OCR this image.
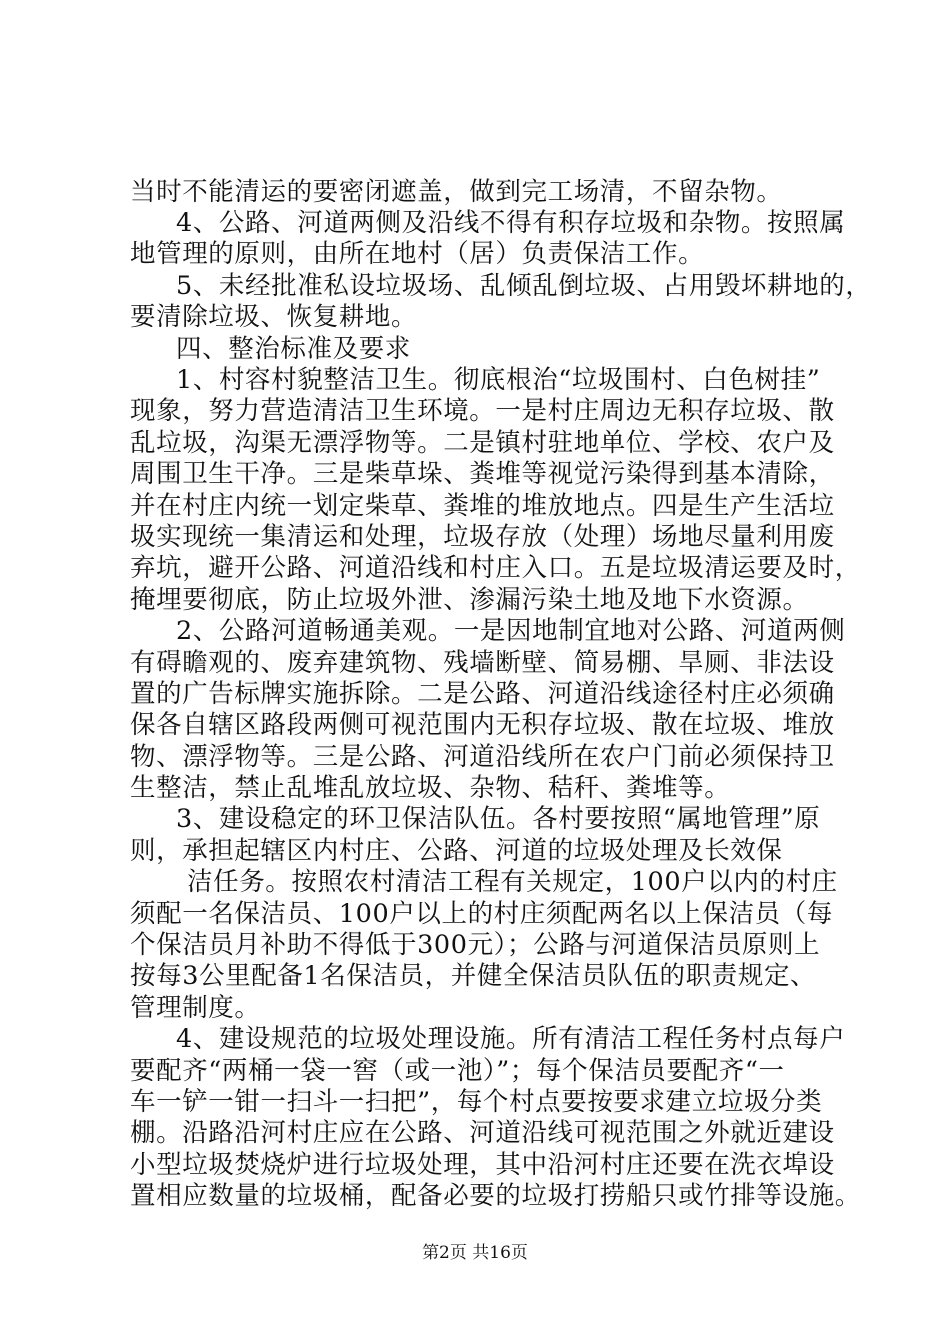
当时不能清运的要密闭遮盖，做到完工场清，不留杂物。
4、公路、河道两侧及沿线不得有积存垃圾和杂物。按照属
地管理的原则，由所在地村（居）负责保洁工作。
5、未经批准私设垃圾场、乱倾乱倒垃圾、占用毁坏耕地的，
要清除垃圾、恢复耕地。
四、整治标准及要求
1、村容村貌整洁卫生。彻底根治“垃圾围村、白色树挂”
现象，努力营造清洁卫生环境。一是村庄周边无积存垃圾、散
乱垃圾，沟渠无漂浮物等。二是镇村驻地单位、学校、农户及
周围卫生干净。三是柴草垛、粪堆等视觉污染得到基本清除，
并在村庄内统一划定柴草、粪堆的堆放地点。四是生产生活垃
圾实现统一集清运和处理，垃圾存放（处理）场地尽量利用废
弃坑，避开公路、河道沿线和村庄入口。五是垃圾清运要及时，
掩埋要彻底，防止垃圾外泄、渗漏污染土地及地下水资源。
2、公路河道畅通美观。一是因地制宜地对公路、河道两侧
有碍瞻观的、废弃建筑物、残墙断壁、简易棚、旱厕、非法设
置的广告标牌实施拆除。二是公路、河道沿线途径村庄必须确
保各自辖区路段两侧可视范围内无积存垃圾、散在垃圾、堆放
物、漂浮物等。三是公路、河道沿线所在农户门前必须保持卫
生整洁，禁止乱堆乱放垃圾、杂物、秸秆、粪堆等。
3、建设稳定的环卫保洁队伍。各村要按照“属地管理”原
则，承担起辖区内村庄、公路、河道的垃圾处理及长效保
洁任务。按照农村清洁工程有关规定，100户以内的村庄
须配一名保洁员、100户以上的村庄须配两名以上保洁员（每
个保洁员月补助不得低于300元）；公路与河道保洁员原则上
按每3公里配备1名保洁员，并健全保洁员队伍的职责规定、
管理制度。
4、建设规范的垃圾处理设施。所有清洁工程任务村点每户
要配齐“两桶一袋一窖（或一池）”；每个保洁员要配齐“一
车一铲一钳一扫斗一扫把”，每个村点要按要求建立垃圾分类
棚。沿路沿河村庄应在公路、河道沿线可视范围之外就近建设
小型垃圾焚烧炉进行垃圾处理，其中沿河村庄还要在洗衣埠设
置相应数量的垃圾桶，配备必要的垃圾打捞船只或竹排等设施。
第2页 共16页
